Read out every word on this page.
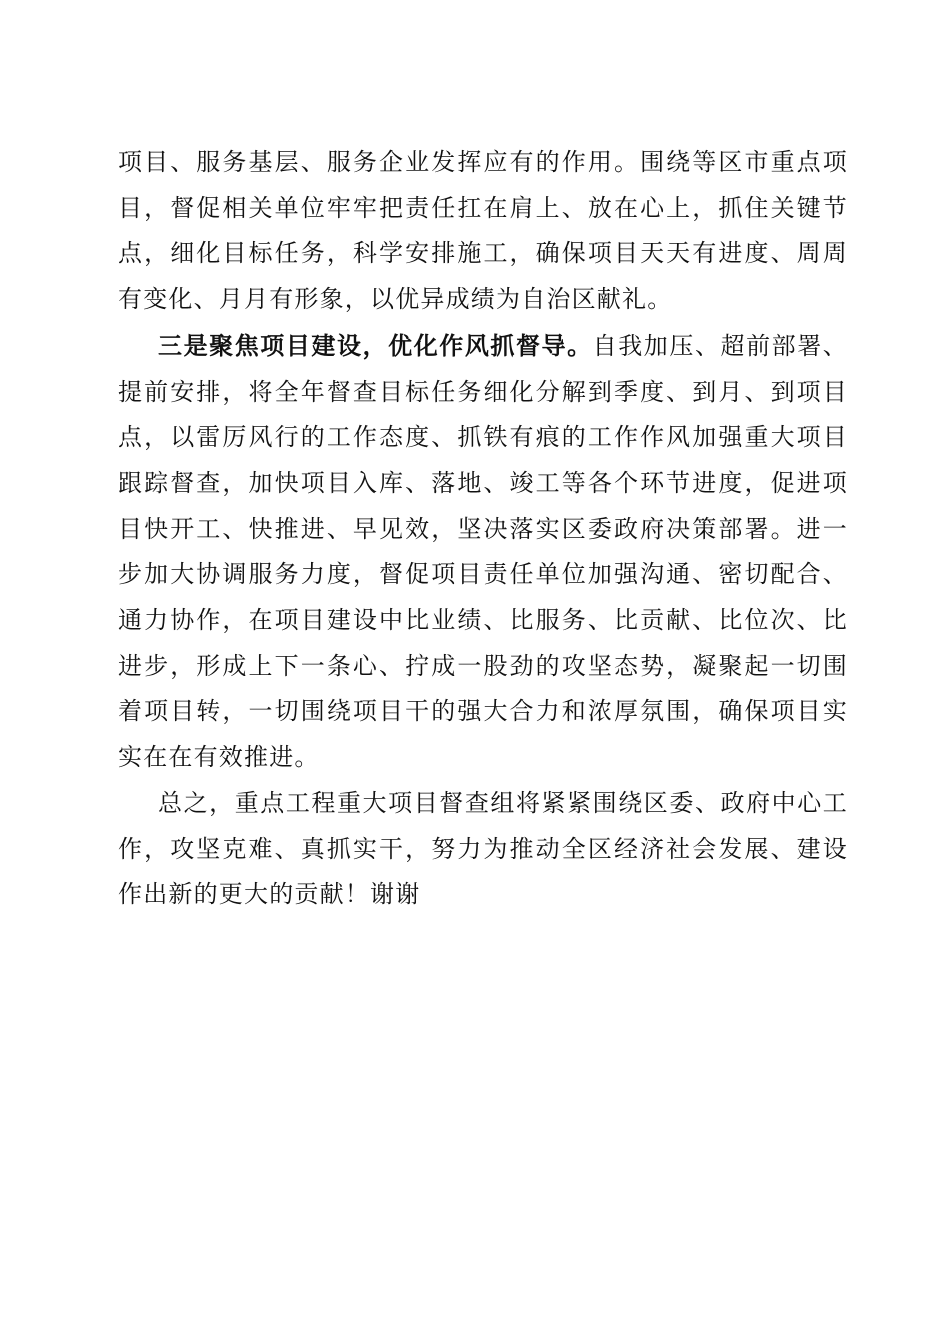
项目、服务基层、服务企业发挥应有的作用。围绕等区市重点项目，督促相关单位牢牢把责任扛在肩上、放在心上，抓住关键节点，细化目标任务，科学安排施工，确保项目天天有进度、周周有变化、月月有形象，以优异成绩为自治区献礼。

三是聚焦项目建设，优化作风抓督导。自我加压、超前部署、提前安排，将全年督查目标任务细化分解到季度、到月、到项目点，以雷厉风行的工作态度、抓铁有痕的工作作风加强重大项目跟踪督查，加快项目入库、落地、竣工等各个环节进度，促进项目快开工、快推进、早见效，坚决落实区委政府决策部署。进一步加大协调服务力度，督促项目责任单位加强沟通、密切配合、通力协作，在项目建设中比业绩、比服务、比贡献、比位次、比进步，形成上下一条心、拧成一股劲的攻坚态势，凝聚起一切围着项目转，一切围绕项目干的强大合力和浓厚氛围，确保项目实实在在有效推进。

总之，重点工程重大项目督查组将紧紧围绕区委、政府中心工作，攻坚克难、真抓实干，努力为推动全区经济社会发展、建设作出新的更大的贡献！谢谢
